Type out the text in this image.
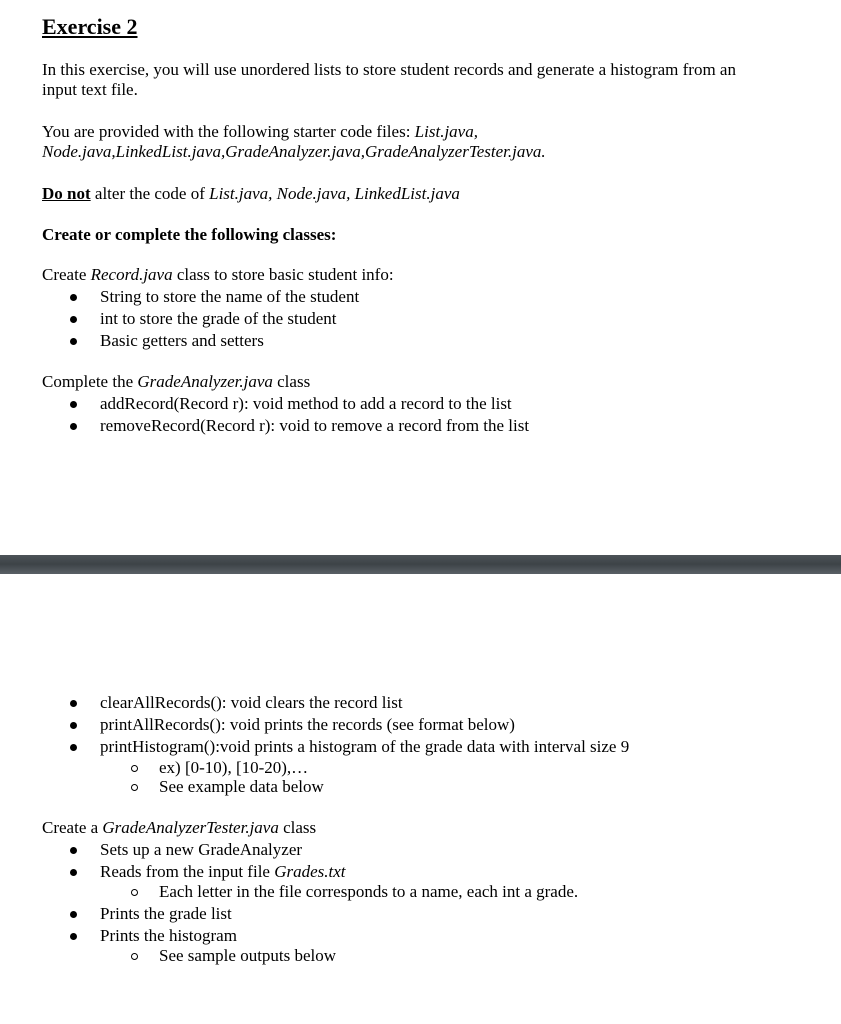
Exercise 2

In this exercise, you will use unordered lists to store student records and generate a histogram from an
input text file.

You are provided with the following starter code files: List.java,
Node.java,LinkedList.java,GradeAnalyzer.java,GradeAnalyzerTester.java.

Do not alter the code of List.java, Node.java, LinkedList.java

Create or complete the following classes:

Create Record.java class to store basic student info:

String to store the name of the student
int to store the grade of the student
Basic getters and setters

Complete the GradeAnalyzer.java class

addRecord(Record r): void method to add a record to the list
removeRecord(Record r): void to remove a record from the list
clearAllRecords(): void clears the record list
printAllRecords(): void prints the records (see format below)
printHistogram():void prints a histogram of the grade data with interval size 9
ex) [0-10), [10-20),…
See example data below

Create a GradeAnalyzerTester.java class

Sets up a new GradeAnalyzer
Reads from the input file Grades.txt
Each letter in the file corresponds to a name, each int a grade.
Prints the grade list
Prints the histogram
See sample outputs below
